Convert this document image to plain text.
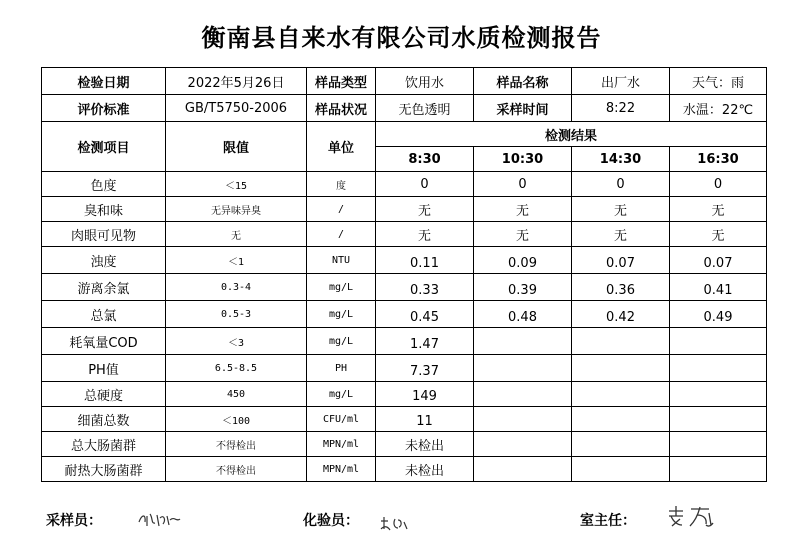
衡南县自来水有限公司水质检测报告
检验日期	2022年5月26日	样品类型	饮用水	样品名称	出厂水	天气：雨
评价标准	GB/T5750-2006	样品状况	无色透明	采样时间	8:22	水温：22℃
检测项目	限值	单位	检测结果			
			8:30	10:30	14:30	16:30
色度	＜15	度	0	0	0	0
臭和味	无异味异臭	/	无	无	无	无
肉眼可见物	无	/	无	无	无	无
浊度	＜1	NTU	0.11	0.09	0.07	0.07
游离余氯	0.3-4	mg/L	0.33	0.39	0.36	0.41
总氯	0.5-3	mg/L	0.45	0.48	0.42	0.49
耗氧量COD	＜3	mg/L	1.47			
PH值	6.5-8.5	PH	7.37			
总硬度	450	mg/L	149			
细菌总数	＜100	CFU/ml	11			
总大肠菌群	不得检出	MPN/ml	未检出			
耐热大肠菌群	不得检出	MPN/ml	未检出			
采样员：	化验员：	室主任：
